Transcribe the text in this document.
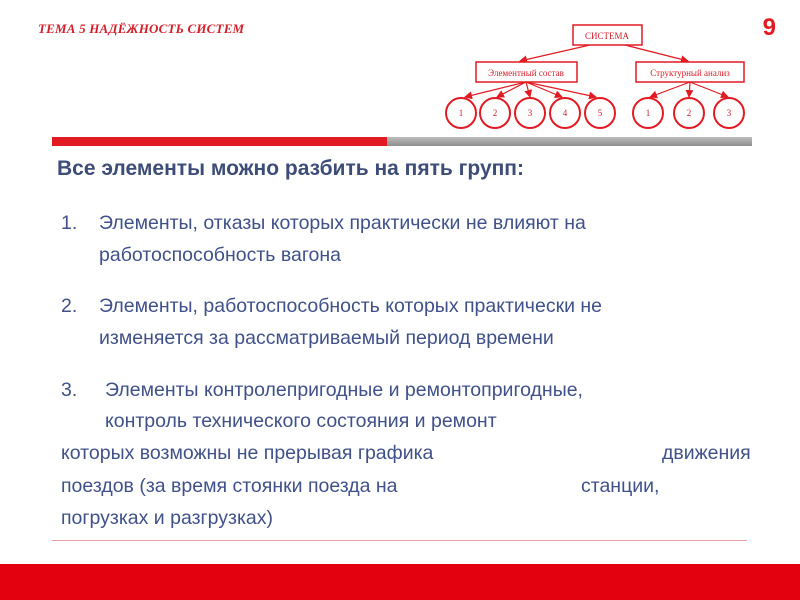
ТЕМА 5 НАДЁЖНОСТЬ СИСТЕМ	9
СИСТЕМА
Элементный состав	Структурный анализ
1	2	3	4	5	1	2	3
Все элементы можно разбить на пять групп:
1. Элементы, отказы которых практически не влияют на
работоспособность вагона
2. Элементы, работоспособность которых практически не
изменяется за рассматриваемый период времени
3. Элементы контролепригодные и ремонтопригодные,
контроль технического состояния и ремонт
которых возможны не прерывая графика	движения
поездов (за время стоянки поезда на	станции,
погрузках и разгрузках)
